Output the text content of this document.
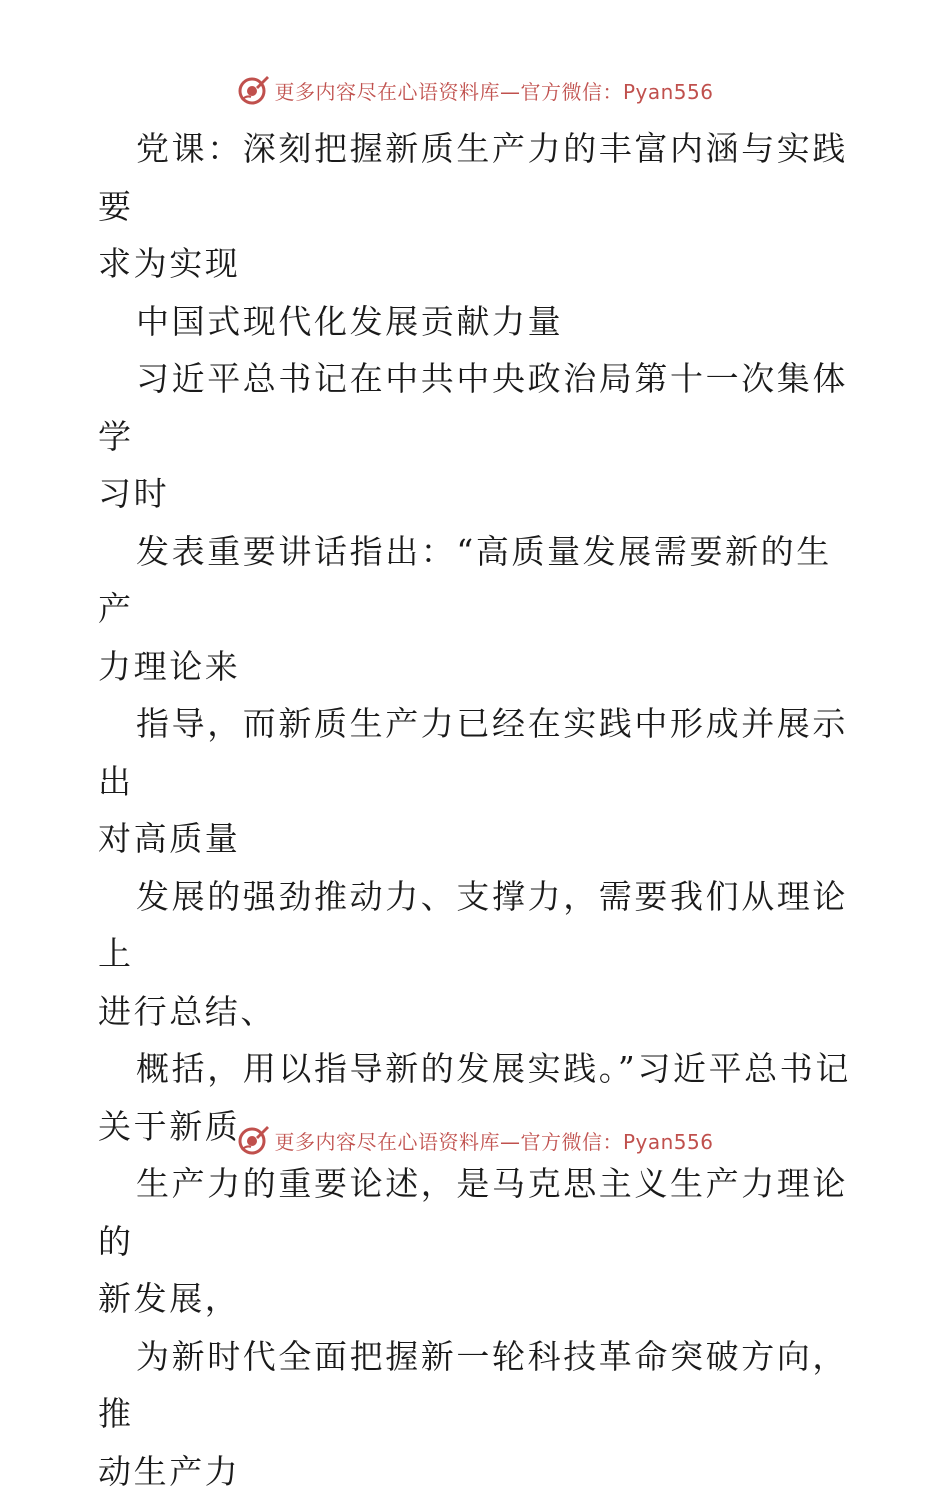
更多内容尽在心语资料库—官方微信：Pyan556

党课：深刻把握新质生产力的丰富内涵与实践要
求为实现

中国式现代化发展贡献力量

习近平总书记在中共中央政治局第十一次集体学
习时

发表重要讲话指出：“高质量发展需要新的生产
力理论来

指导，而新质生产力已经在实践中形成并展示出
对高质量

发展的强劲推动力、支撑力，需要我们从理论上
进行总结、

概括，用以指导新的发展实践。”习近平总书记
关于新质

生产力的重要论述，是马克思主义生产力理论的
新发展，

为新时代全面把握新一轮科技革命突破方向，推
动生产力

更多内容尽在心语资料库—官方微信：Pyan556
